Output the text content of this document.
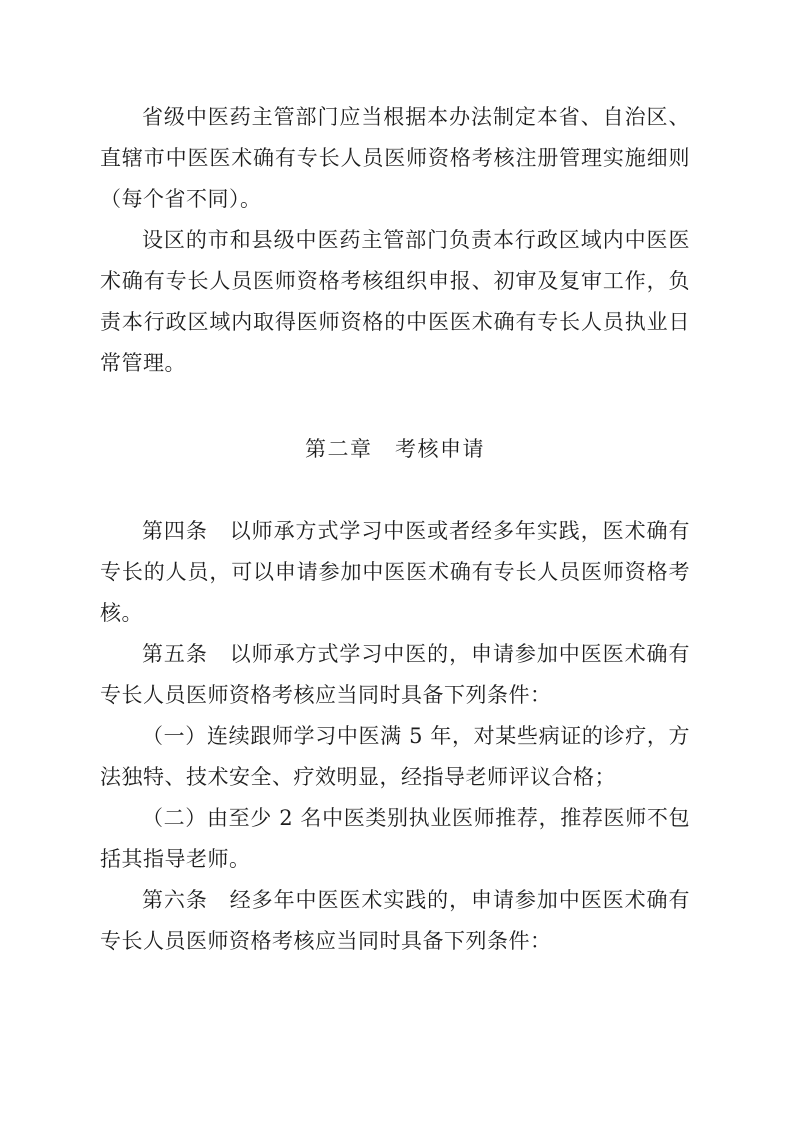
省级中医药主管部门应当根据本办法制定本省、自治区、直辖市中医医术确有专长人员医师资格考核注册管理实施细则（每个省不同）。

设区的市和县级中医药主管部门负责本行政区域内中医医术确有专长人员医师资格考核组织申报、初审及复审工作，负责本行政区域内取得医师资格的中医医术确有专长人员执业日常管理。

第二章　考核申请

第四条　以师承方式学习中医或者经多年实践，医术确有专长的人员，可以申请参加中医医术确有专长人员医师资格考核。

第五条　以师承方式学习中医的，申请参加中医医术确有专长人员医师资格考核应当同时具备下列条件：

（一）连续跟师学习中医满 5 年，对某些病证的诊疗，方法独特、技术安全、疗效明显，经指导老师评议合格；

（二）由至少 2 名中医类别执业医师推荐，推荐医师不包括其指导老师。

第六条　经多年中医医术实践的，申请参加中医医术确有专长人员医师资格考核应当同时具备下列条件：
